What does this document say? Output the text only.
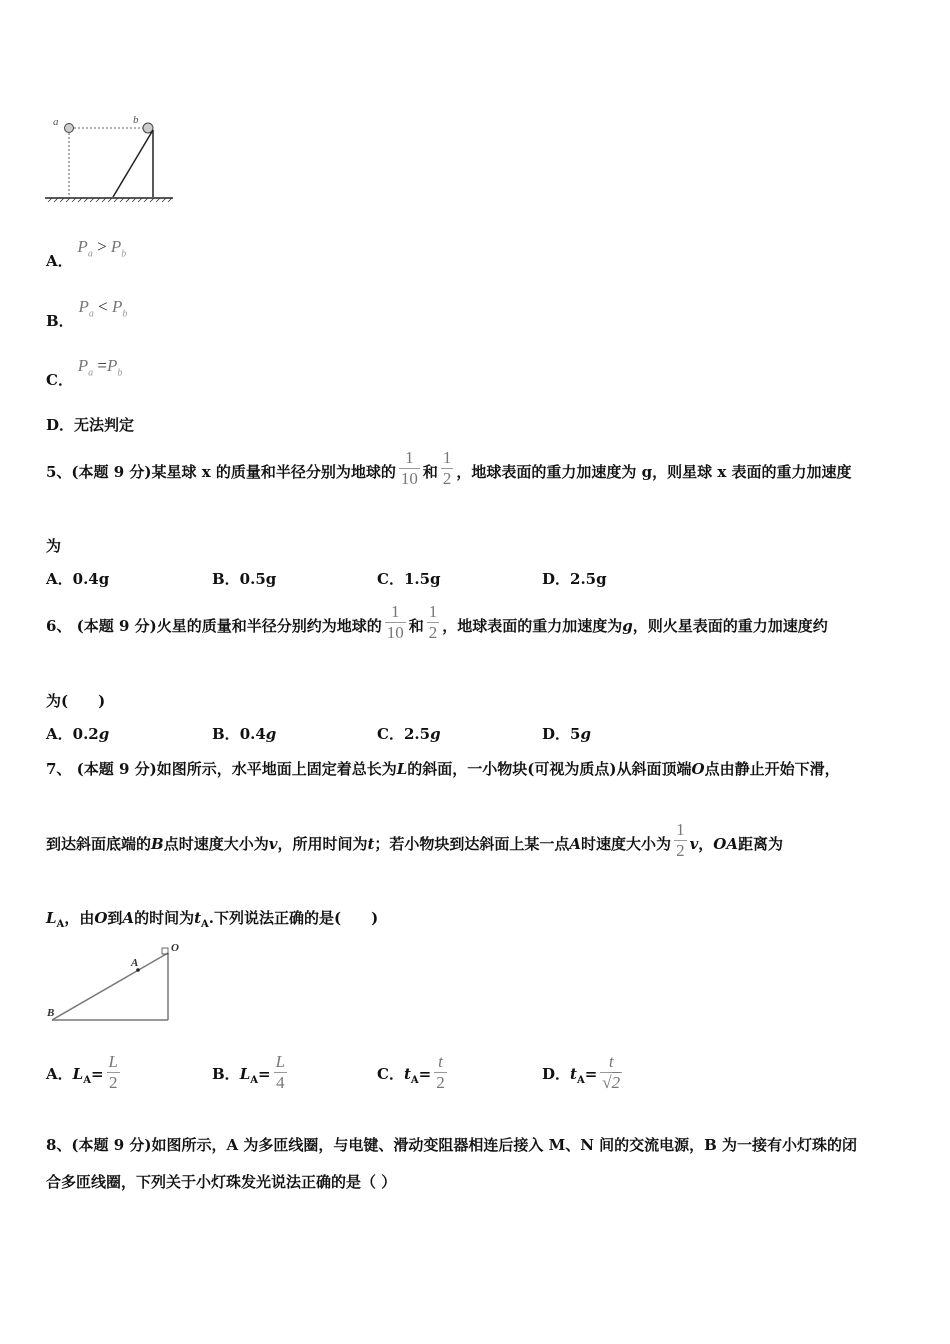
a	b
A． $P_a > P_b$
B． $P_a < P_b$
C． $P_a =P_b$
D．无法判定
5、(本题 9 分)某星球 x 的质量和半径分别为地球的 $\frac{1}{10}$ 和 $\frac{1}{2}$ ，地球表面的重力加速度为 g，则星球 x 表面的重力加速度
为
A．0.4g	B．0.5g	C．1.5g	D．2.5g
6、 (本题 9 分)火星的质量和半径分别约为地球的 $\frac{1}{10}$ 和 $\frac{1}{2}$ ，地球表面的重力加速度为g，则火星表面的重力加速度约
为(　　)
A．0.2g	B．0.4g	C．2.5g	D．5g
7、 (本题 9 分)如图所示，水平地面上固定着总长为L的斜面，一小物块(可视为质点)从斜面顶端O点由静止开始下滑，
到达斜面底端的B点时速度大小为v，所用时间为t；若小物块到达斜面上某一点A时速度大小为 $\frac{1}{2}$ v，OA距离为
$L_A$，由O到A的时间为$t_A$.下列说法正确的是(　　)
O
A
B
A．$L_A= \frac{L}{2}$	B．$L_A= \frac{L}{4}$	C．$t_A= \frac{t}{2}$	D．$t_A= \frac{t}{√2}$
8、(本题 9 分)如图所示，A 为多匝线圈，与电键、滑动变阻器相连后接入 M、N 间的交流电源，B 为一接有小灯珠的闭
合多匝线圈，下列关于小灯珠发光说法正确的是（ ）
